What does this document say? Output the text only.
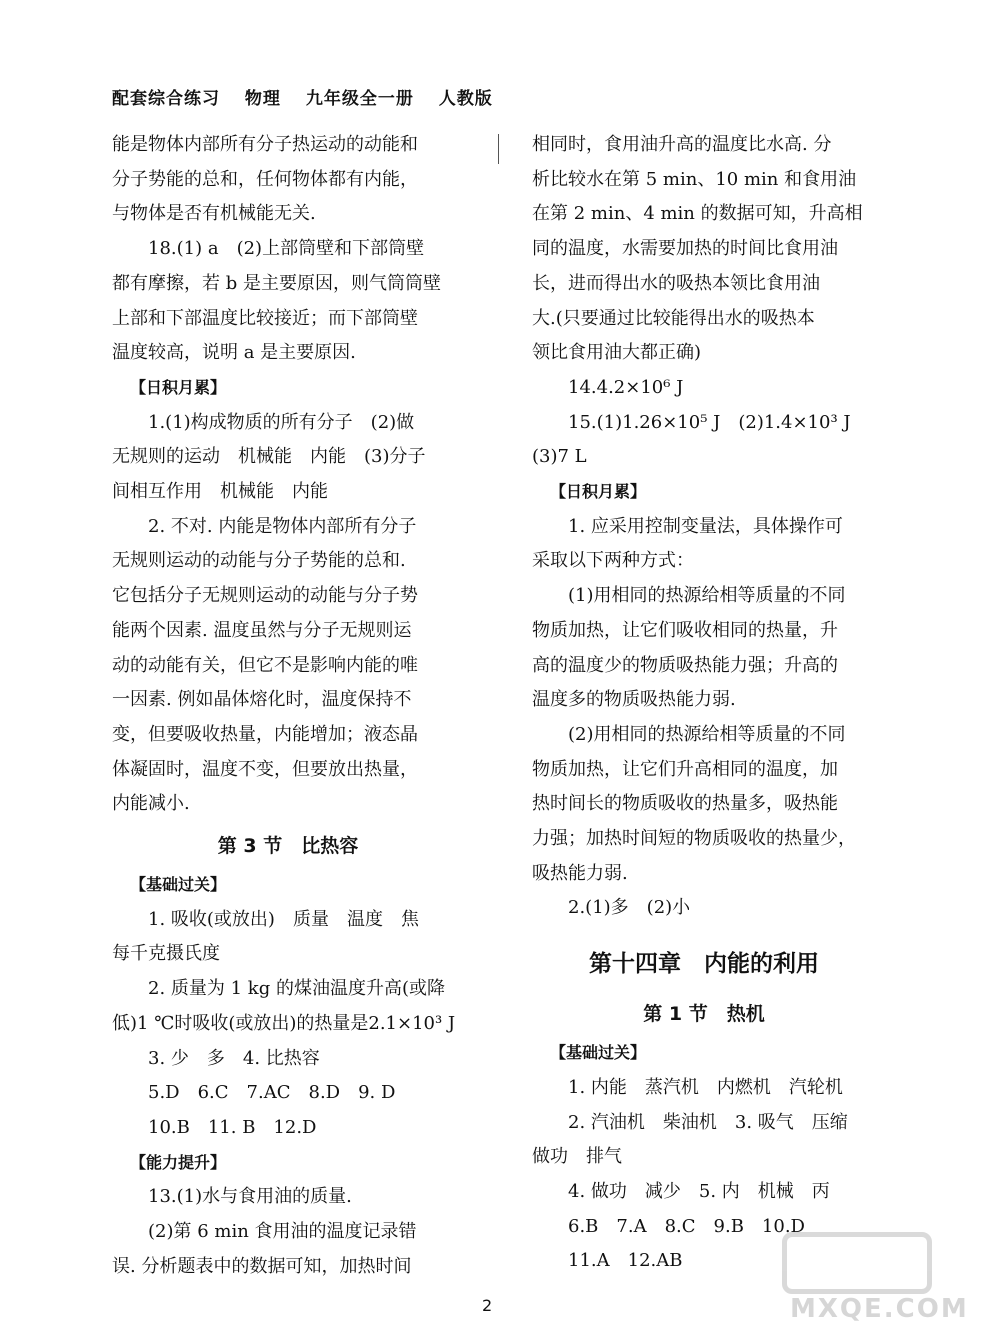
配套综合练习 物理 九年级全一册 人教版

能是物体内部所有分子热运动的动能和

分子势能的总和，任何物体都有内能，

与物体是否有机械能无关.

18.(1) a　(2)上部筒壁和下部筒壁

都有摩擦，若 b 是主要原因，则气筒筒壁

上部和下部温度比较接近；而下部筒壁

温度较高，说明 a 是主要原因.

【日积月累】

1.(1)构成物质的所有分子　(2)做

无规则的运动　机械能　内能　(3)分子

间相互作用　机械能　内能

2. 不对. 内能是物体内部所有分子

无规则运动的动能与分子势能的总和.

它包括分子无规则运动的动能与分子势

能两个因素. 温度虽然与分子无规则运

动的动能有关，但它不是影响内能的唯

一因素. 例如晶体熔化时，温度保持不

变，但要吸收热量，内能增加；液态晶

体凝固时，温度不变，但要放出热量，

内能减小.

第 3 节　比热容

【基础过关】

1. 吸收(或放出)　质量　温度　焦

每千克摄氏度

2. 质量为 1 kg 的煤油温度升高(或降

低)1 ℃时吸收(或放出)的热量是2.1×10³ J

3. 少　多　4. 比热容

5.D　6.C　7.AC　8.D　9. D

10.B　11. B　12.D

【能力提升】

13.(1)水与食用油的质量.

(2)第 6 min 食用油的温度记录错

误. 分析题表中的数据可知，加热时间

相同时，食用油升高的温度比水高. 分

析比较水在第 5 min、10 min 和食用油

在第 2 min、4 min 的数据可知，升高相

同的温度，水需要加热的时间比食用油

长，进而得出水的吸热本领比食用油

大.(只要通过比较能得出水的吸热本

领比食用油大都正确)

14.4.2×10⁶ J

15.(1)1.26×10⁵ J　(2)1.4×10³ J

(3)7 L

【日积月累】

1. 应采用控制变量法，具体操作可

采取以下两种方式：

(1)用相同的热源给相等质量的不同

物质加热，让它们吸收相同的热量，升

高的温度少的物质吸热能力强；升高的

温度多的物质吸热能力弱.

(2)用相同的热源给相等质量的不同

物质加热，让它们升高相同的温度，加

热时间长的物质吸收的热量多，吸热能

力强；加热时间短的物质吸收的热量少，

吸热能力弱.

2.(1)多　(2)小

第十四章　内能的利用

第 1 节　热机

【基础过关】

1. 内能　蒸汽机　内燃机　汽轮机

2. 汽油机　柴油机　3. 吸气　压缩

做功　排气

4. 做功　减少　5. 内　机械　丙

6.B　7.A　8.C　9.B　10.D

11.A　12.AB

2	MXQE.COM
